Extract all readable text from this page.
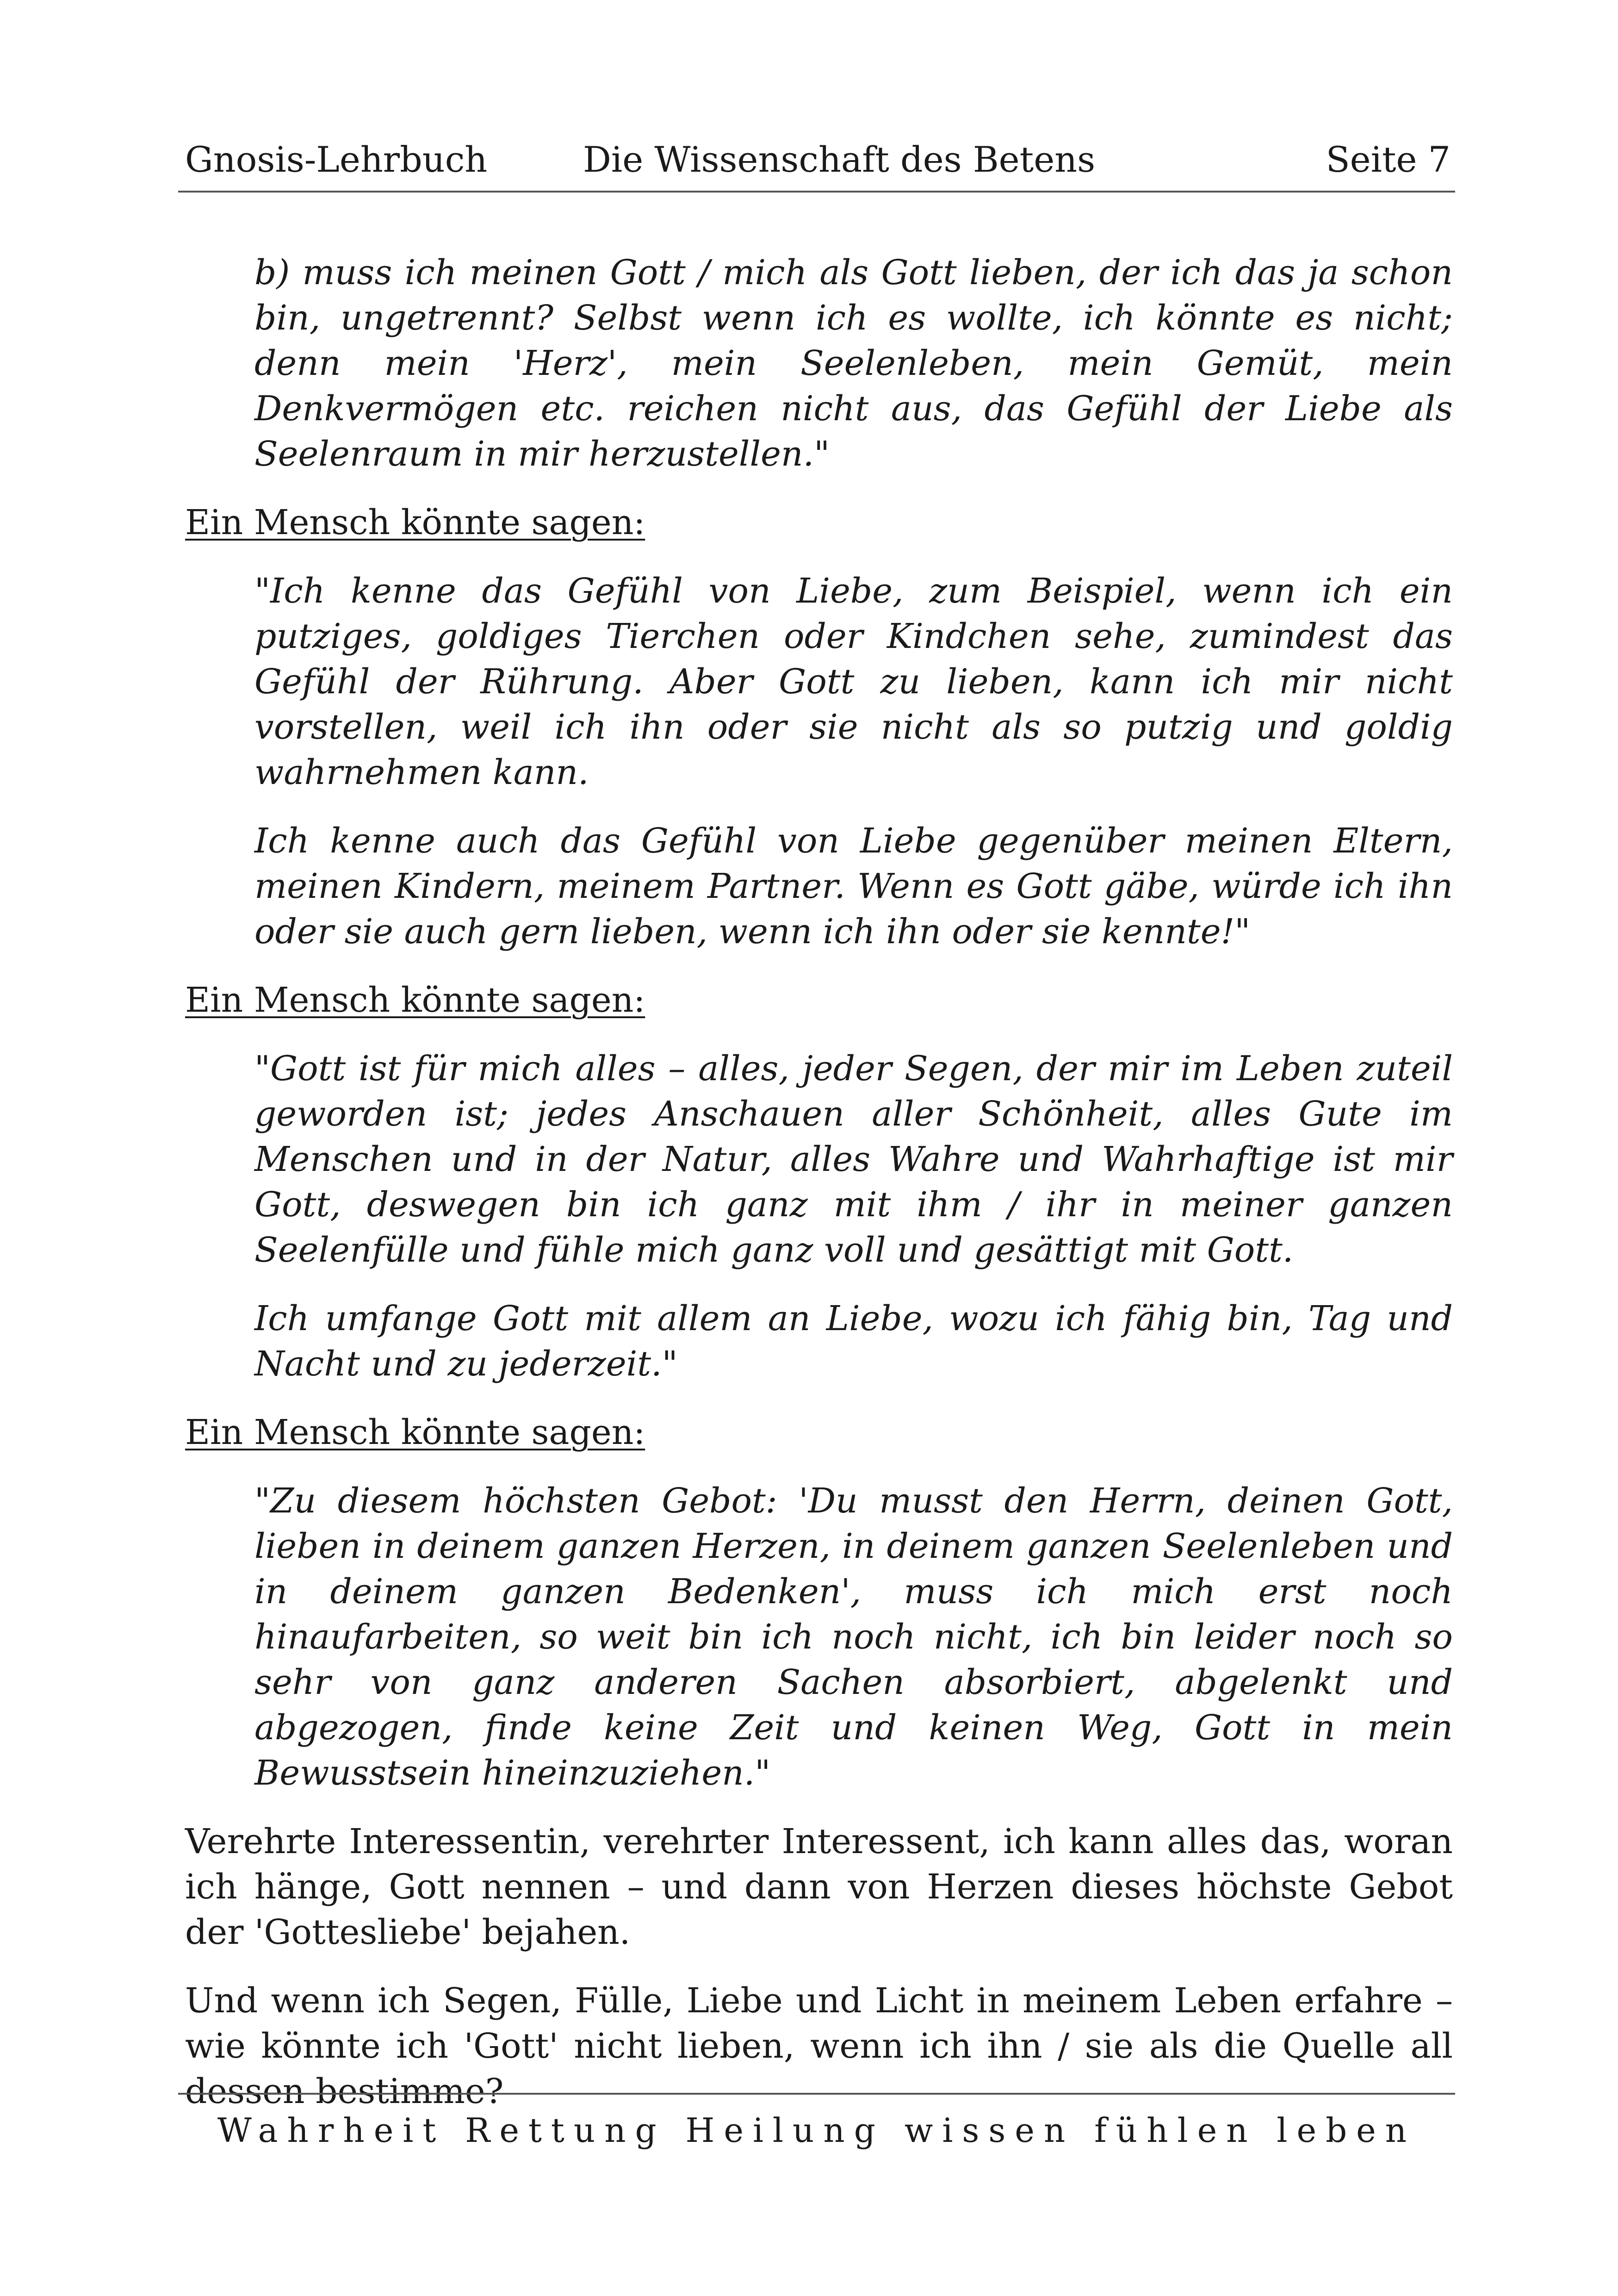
Gnosis-Lehrbuch	Die Wissenschaft des Betens	Seite 7

b) muss ich meinen Gott / mich als Gott lieben, der ich das ja schon bin, ungetrennt? Selbst wenn ich es wollte, ich könnte es nicht; denn mein 'Herz', mein Seelenleben, mein Gemüt, mein Denkvermögen etc. reichen nicht aus, das Gefühl der Liebe als Seelenraum in mir herzustellen."

Ein Mensch könnte sagen:

"Ich kenne das Gefühl von Liebe, zum Beispiel, wenn ich ein putziges, goldiges Tierchen oder Kindchen sehe, zumindest das Gefühl der Rührung. Aber Gott zu lieben, kann ich mir nicht vorstellen, weil ich ihn oder sie nicht als so putzig und goldig wahrnehmen kann.

Ich kenne auch das Gefühl von Liebe gegenüber meinen Eltern, meinen Kindern, meinem Partner. Wenn es Gott gäbe, würde ich ihn oder sie auch gern lieben, wenn ich ihn oder sie kennte!"

Ein Mensch könnte sagen:

"Gott ist für mich alles – alles, jeder Segen, der mir im Leben zuteil geworden ist; jedes Anschauen aller Schönheit, alles Gute im Menschen und in der Natur, alles Wahre und Wahrhaftige ist mir Gott, deswegen bin ich ganz mit ihm / ihr in meiner ganzen Seelenfülle und fühle mich ganz voll und gesättigt mit Gott.

Ich umfange Gott mit allem an Liebe, wozu ich fähig bin, Tag und Nacht und zu jederzeit."

Ein Mensch könnte sagen:

"Zu diesem höchsten Gebot: 'Du musst den Herrn, deinen Gott, lieben in deinem ganzen Herzen, in deinem ganzen Seelenleben und in deinem ganzen Bedenken', muss ich mich erst noch hinaufarbeiten, so weit bin ich noch nicht, ich bin leider noch so sehr von ganz anderen Sachen absorbiert, abgelenkt und abgezogen, finde keine Zeit und keinen Weg, Gott in mein Bewusstsein hineinzuziehen."

Verehrte Interessentin, verehrter Interessent, ich kann alles das, woran ich hänge, Gott nennen – und dann von Herzen dieses höchste Gebot der 'Gottesliebe' bejahen.

Und wenn ich Segen, Fülle, Liebe und Licht in meinem Leben erfahre – wie könnte ich 'Gott' nicht lieben, wenn ich ihn / sie als die Quelle all dessen bestimme?

Wahrheit Rettung Heilung wissen fühlen leben
